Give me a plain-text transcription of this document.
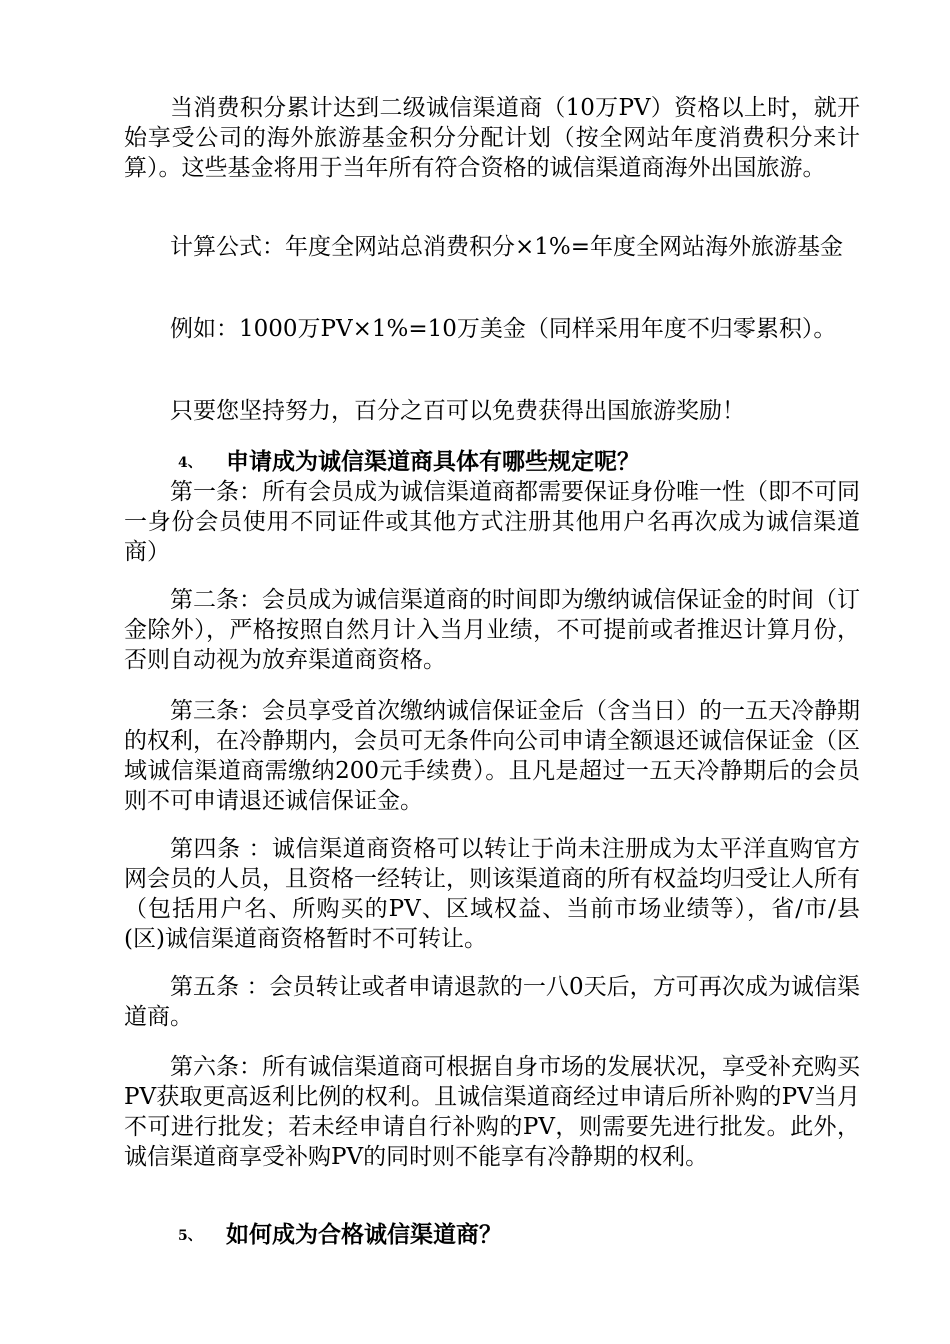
当消费积分累计达到二级诚信渠道商（10万PV）资格以上时，就开始享受公司的海外旅游基金积分分配计划（按全网站年度消费积分来计算）。这些基金将用于当年所有符合资格的诚信渠道商海外出国旅游。

计算公式：年度全网站总消费积分×1%=年度全网站海外旅游基金

例如：1000万PV×1%=10万美金（同样采用年度不归零累积）。

只要您坚持努力，百分之百可以免费获得出国旅游奖励！

4、 申请成为诚信渠道商具体有哪些规定呢？

第一条：所有会员成为诚信渠道商都需要保证身份唯一性（即不可同一身份会员使用不同证件或其他方式注册其他用户名再次成为诚信渠道商）

第二条：会员成为诚信渠道商的时间即为缴纳诚信保证金的时间（订金除外），严格按照自然月计入当月业绩，不可提前或者推迟计算月份，否则自动视为放弃渠道商资格。

第三条：会员享受首次缴纳诚信保证金后（含当日）的一五天冷静期的权利，在冷静期内，会员可无条件向公司申请全额退还诚信保证金（区域诚信渠道商需缴纳200元手续费）。且凡是超过一五天冷静期后的会员则不可申请退还诚信保证金。

第四条 ：诚信渠道商资格可以转让于尚未注册成为太平洋直购官方网会员的人员，且资格一经转让，则该渠道商的所有权益均归受让人所有（包括用户名、所购买的PV、区域权益、当前市场业绩等），省/市/县(区)诚信渠道商资格暂时不可转让。

第五条 ：会员转让或者申请退款的一八0天后，方可再次成为诚信渠道商。

第六条：所有诚信渠道商可根据自身市场的发展状况，享受补充购买PV获取更高返利比例的权利。且诚信渠道商经过申请后所补购的PV当月不可进行批发；若未经申请自行补购的PV，则需要先进行批发。此外，诚信渠道商享受补购PV的同时则不能享有冷静期的权利。

5、 如何成为合格诚信渠道商？
